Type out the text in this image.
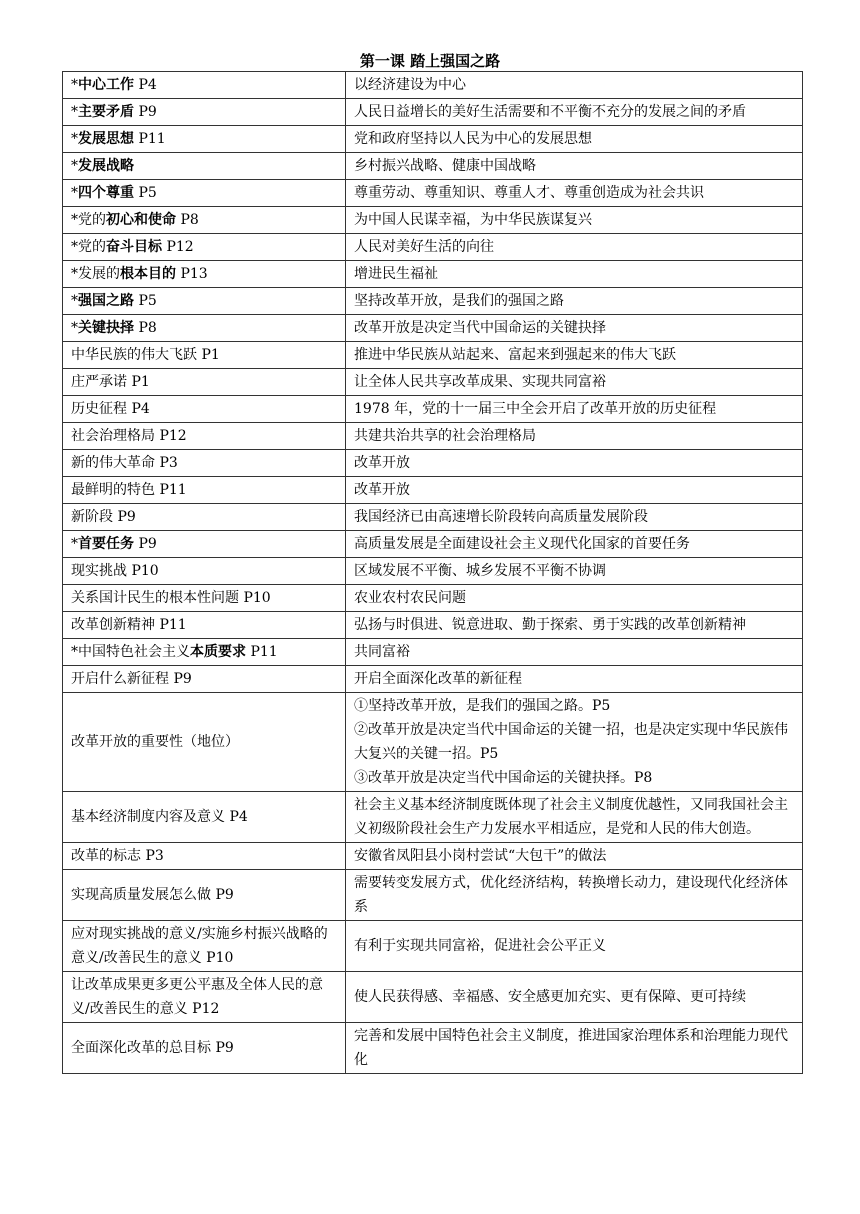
第一课 踏上强国之路
*中心工作 P4	以经济建设为中心

*主要矛盾 P9	人民日益增长的美好生活需要和不平衡不充分的发展之间的矛盾

*发展思想 P11	党和政府坚持以人民为中心的发展思想

*发展战略	乡村振兴战略、健康中国战略

*四个尊重 P5	尊重劳动、尊重知识、尊重人才、尊重创造成为社会共识

*党的初心和使命 P8	为中国人民谋幸福，为中华民族谋复兴

*党的奋斗目标 P12	人民对美好生活的向往

*发展的根本目的 P13	增进民生福祉

*强国之路 P5	坚持改革开放，是我们的强国之路

*关键抉择 P8	改革开放是决定当代中国命运的关键抉择

中华民族的伟大飞跃 P1	推进中华民族从站起来、富起来到强起来的伟大飞跃

庄严承诺 P1	让全体人民共享改革成果、实现共同富裕

历史征程 P4	1978 年，党的十一届三中全会开启了改革开放的历史征程

社会治理格局 P12	共建共治共享的社会治理格局

新的伟大革命 P3	改革开放

最鲜明的特色 P11	改革开放

新阶段 P9	我国经济已由高速增长阶段转向高质量发展阶段

*首要任务 P9	高质量发展是全面建设社会主义现代化国家的首要任务

现实挑战 P10	区域发展不平衡、城乡发展不平衡不协调

关系国计民生的根本性问题 P10	农业农村农民问题

改革创新精神 P11	弘扬与时俱进、锐意进取、勤于探索、勇于实践的改革创新精神

*中国特色社会主义本质要求 P11	共同富裕

开启什么新征程 P9	开启全面深化改革的新征程

改革开放的重要性（地位）	①坚持改革开放，是我们的强国之路。P5
②改革开放是决定当代中国命运的关键一招，也是决定实现中华民族伟大复兴的关键一招。P5
③改革开放是决定当代中国命运的关键抉择。P8

基本经济制度内容及意义 P4	社会主义基本经济制度既体现了社会主义制度优越性，又同我国社会主义初级阶段社会生产力发展水平相适应，是党和人民的伟大创造。

改革的标志 P3	安徽省凤阳县小岗村尝试“大包干”的做法

实现高质量发展怎么做 P9	需要转变发展方式，优化经济结构，转换增长动力，建设现代化经济体系

应对现实挑战的意义/实施乡村振兴战略的意义/改善民生的意义 P10	有利于实现共同富裕，促进社会公平正义

让改革成果更多更公平惠及全体人民的意义/改善民生的意义 P12	使人民获得感、幸福感、安全感更加充实、更有保障、更可持续

全面深化改革的总目标 P9	完善和发展中国特色社会主义制度，推进国家治理体系和治理能力现代化
